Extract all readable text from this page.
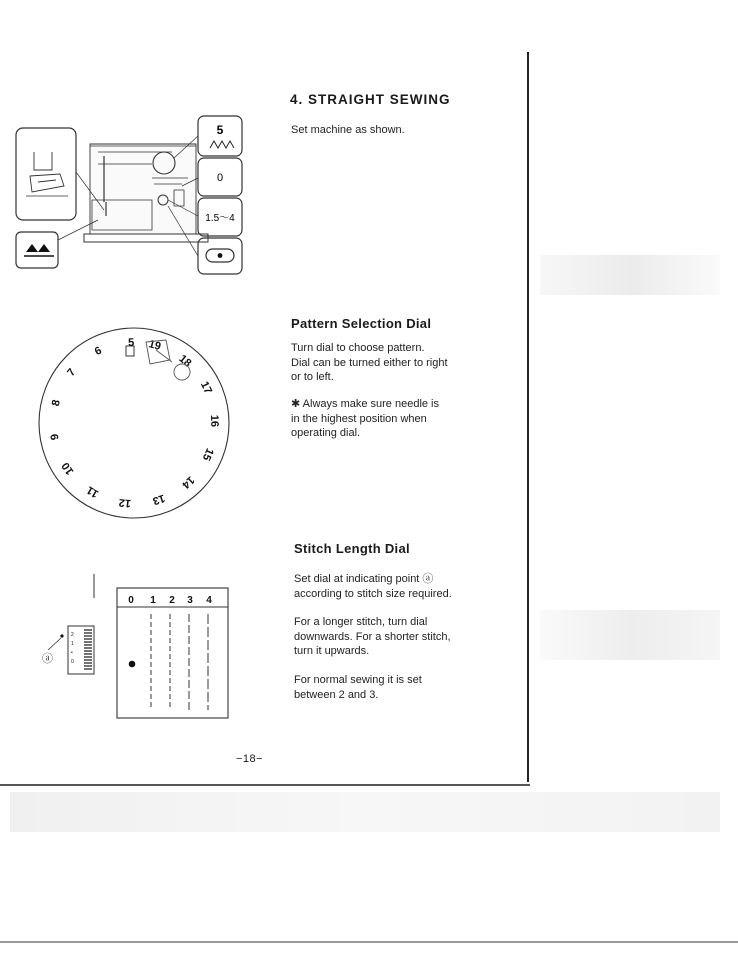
4. STRAIGHT SEWING

Set machine as shown.

5
0
1.5～4
Pattern Selection Dial

Turn dial to choose pattern.

Dial can be turned either to right

or to left.

✱ Always make sure needle is

in the highest position when

operating dial.

5
6
7
8
9
10
11
12 13
14
15
16
17
18
19
Stitch Length Dial

Set dial at indicating point ⓐ

according to stitch size required.

For a longer stitch, turn dial

downwards. For a shorter stitch,

turn it upwards.

For normal sewing it is set

between 2 and 3.

2
1
•
0
ⓐ
0 1 2 3 4
−18−
